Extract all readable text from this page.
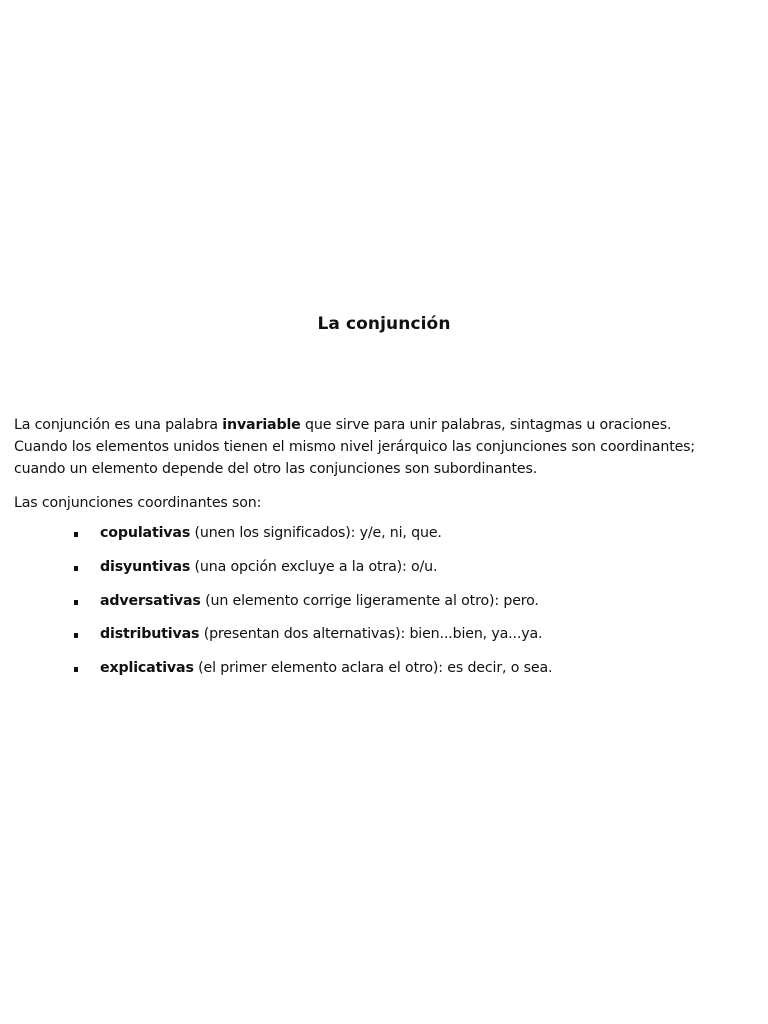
La conjunción

La conjunción es una palabra invariable que sirve para unir palabras, sintagmas u oraciones.
Cuando los elementos unidos tienen el mismo nivel jerárquico las conjunciones son coordinantes;
cuando un elemento depende del otro las conjunciones son subordinantes.

Las conjunciones coordinantes son:

copulativas (unen los significados): y/e, ni, que.
disyuntivas (una opción excluye a la otra): o/u.
adversativas (un elemento corrige ligeramente al otro): pero.
distributivas (presentan dos alternativas): bien...bien, ya...ya.
explicativas (el primer elemento aclara el otro): es decir, o sea.
